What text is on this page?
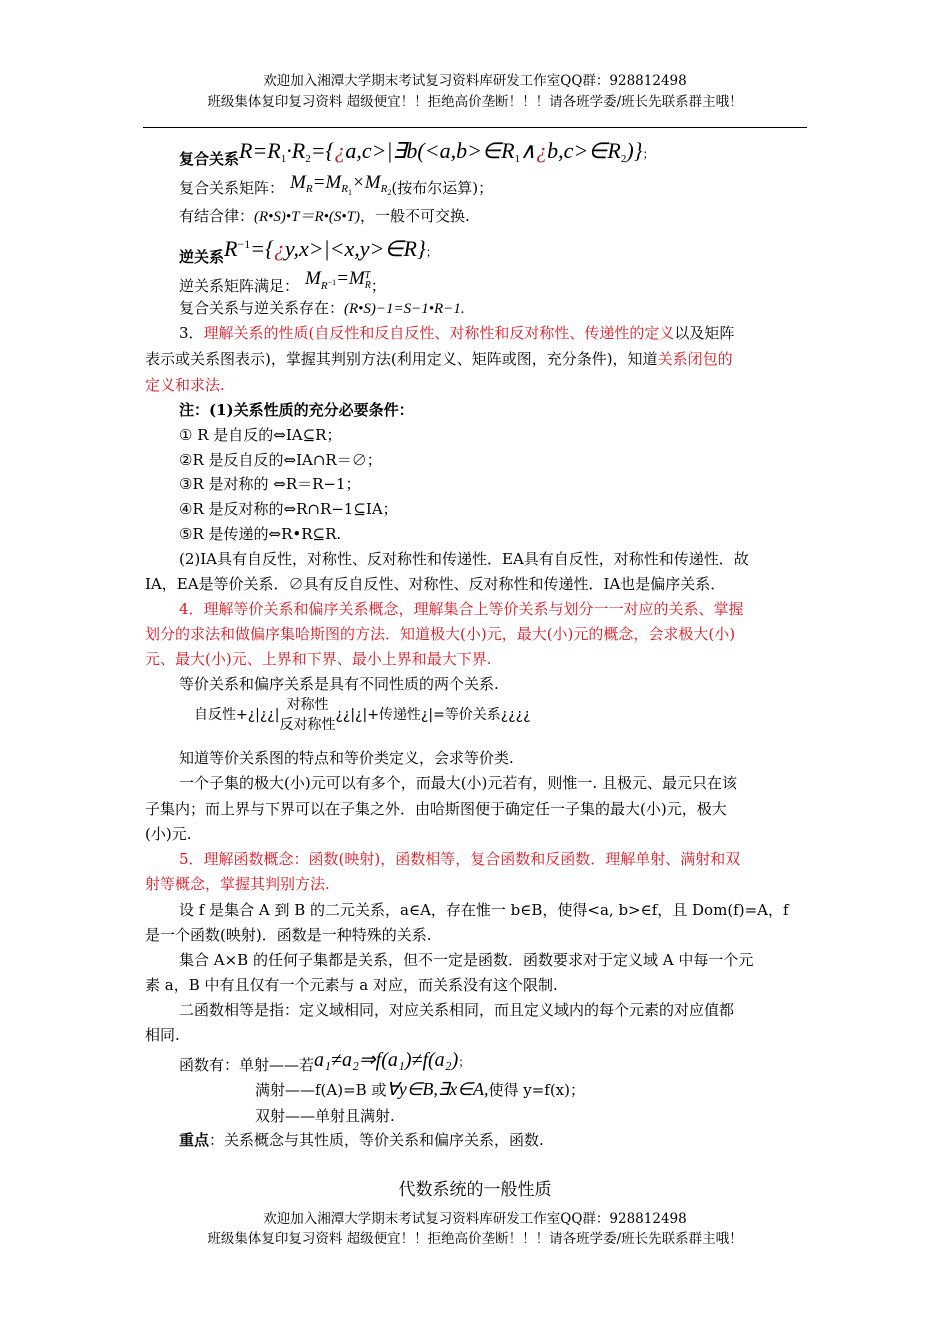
欢迎加入湘潭大学期末考试复习资料库研发工作室QQ群：928812498
班级集体复印复习资料 超级便宜！！拒绝高价垄断！！！请各班学委/班长先联系群主哦！
复合关系$R=R_1\cdot R_2=\{¿a,c>|\exists b(<a,b>\in R_1\wedge¿b,c>\in R_2)\}$；
复合关系矩阵： $M_R=M_{R1}\times M_{R2}$(按布尔运算)；
有结合律：(R•S)•T＝R•(S•T)，一般不可交换.
逆关系$R^{-1}=\{¿y,x>|<x,y>\in R\}$；
逆关系矩阵满足： $M_R-1=M$ T
R ；
复合关系与逆关系存在：(R•S)−1=S−1•R−1.
3．理解关系的性质(自反性和反自反性、对称性和反对称性、传递性的定义以及矩阵
表示或关系图表示)，掌握其判别方法(利用定义、矩阵或图，充分条件)，知道关系闭包的
定义和求法.
注：(1)关系性质的充分必要条件：
① R 是自反的⇔IA⊆R；
②R 是反自反的⇔IA∩R＝∅；
③R 是对称的 ⇔R＝R−1；
④R 是反对称的⇔R∩R−1⊆IA；
⑤R 是传递的⇔R•R⊆R.
(2)IA具有自反性，对称性、反对称性和传递性．EA具有自反性，对称性和传递性．故
IA，EA是等价关系．∅具有反自反性、对称性、反对称性和传递性．IA也是偏序关系．
4．理解等价关系和偏序关系概念，理解集合上等价关系与划分一一对应的关系、掌握
划分的求法和做偏序集哈斯图的方法．知道极大(小)元，最大(小)元的概念，会求极大(小)
元、最大(小)元、上界和下界、最小上界和最大下界.
等价关系和偏序关系是具有不同性质的两个关系.
自反性+¿|¿¿|
对称性
反对称性
¿¿|¿|+传递性¿|=等价关系¿¿¿¿
知道等价关系图的特点和等价类定义，会求等价类.
一个子集的极大(小)元可以有多个，而最大(小)元若有，则惟一. 且极元、最元只在该
子集内；而上界与下界可以在子集之外．由哈斯图便于确定任一子集的最大(小)元，极大
(小)元.
5．理解函数概念：函数(映射)，函数相等，复合函数和反函数．理解单射、满射和双
射等概念，掌握其判别方法.
设 f 是集合 A 到 B 的二元关系，a∈A，存在惟一 b∈B，使得<a, b>∈f，且 Dom(f)=A，f
是一个函数(映射)．函数是一种特殊的关系.
集合 A×B 的任何子集都是关系，但不一定是函数．函数要求对于定义域 A 中每一个元
素 a，B 中有且仅有一个元素与 a 对应，而关系没有这个限制.
二函数相等是指：定义域相同，对应关系相同，而且定义域内的每个元素的对应值都
相同.
函数有：单射——若a₁≠a₂⇒f(a₁)≠f(a₂)；
满射——f(A)=B 或∀y∈B,∃x∈A,使得 y=f(x)；
双射——单射且满射.
重点：关系概念与其性质，等价关系和偏序关系，函数.
代数系统的一般性质
欢迎加入湘潭大学期末考试复习资料库研发工作室QQ群：928812498
班级集体复印复习资料 超级便宜！！拒绝高价垄断！！！请各班学委/班长先联系群主哦！
